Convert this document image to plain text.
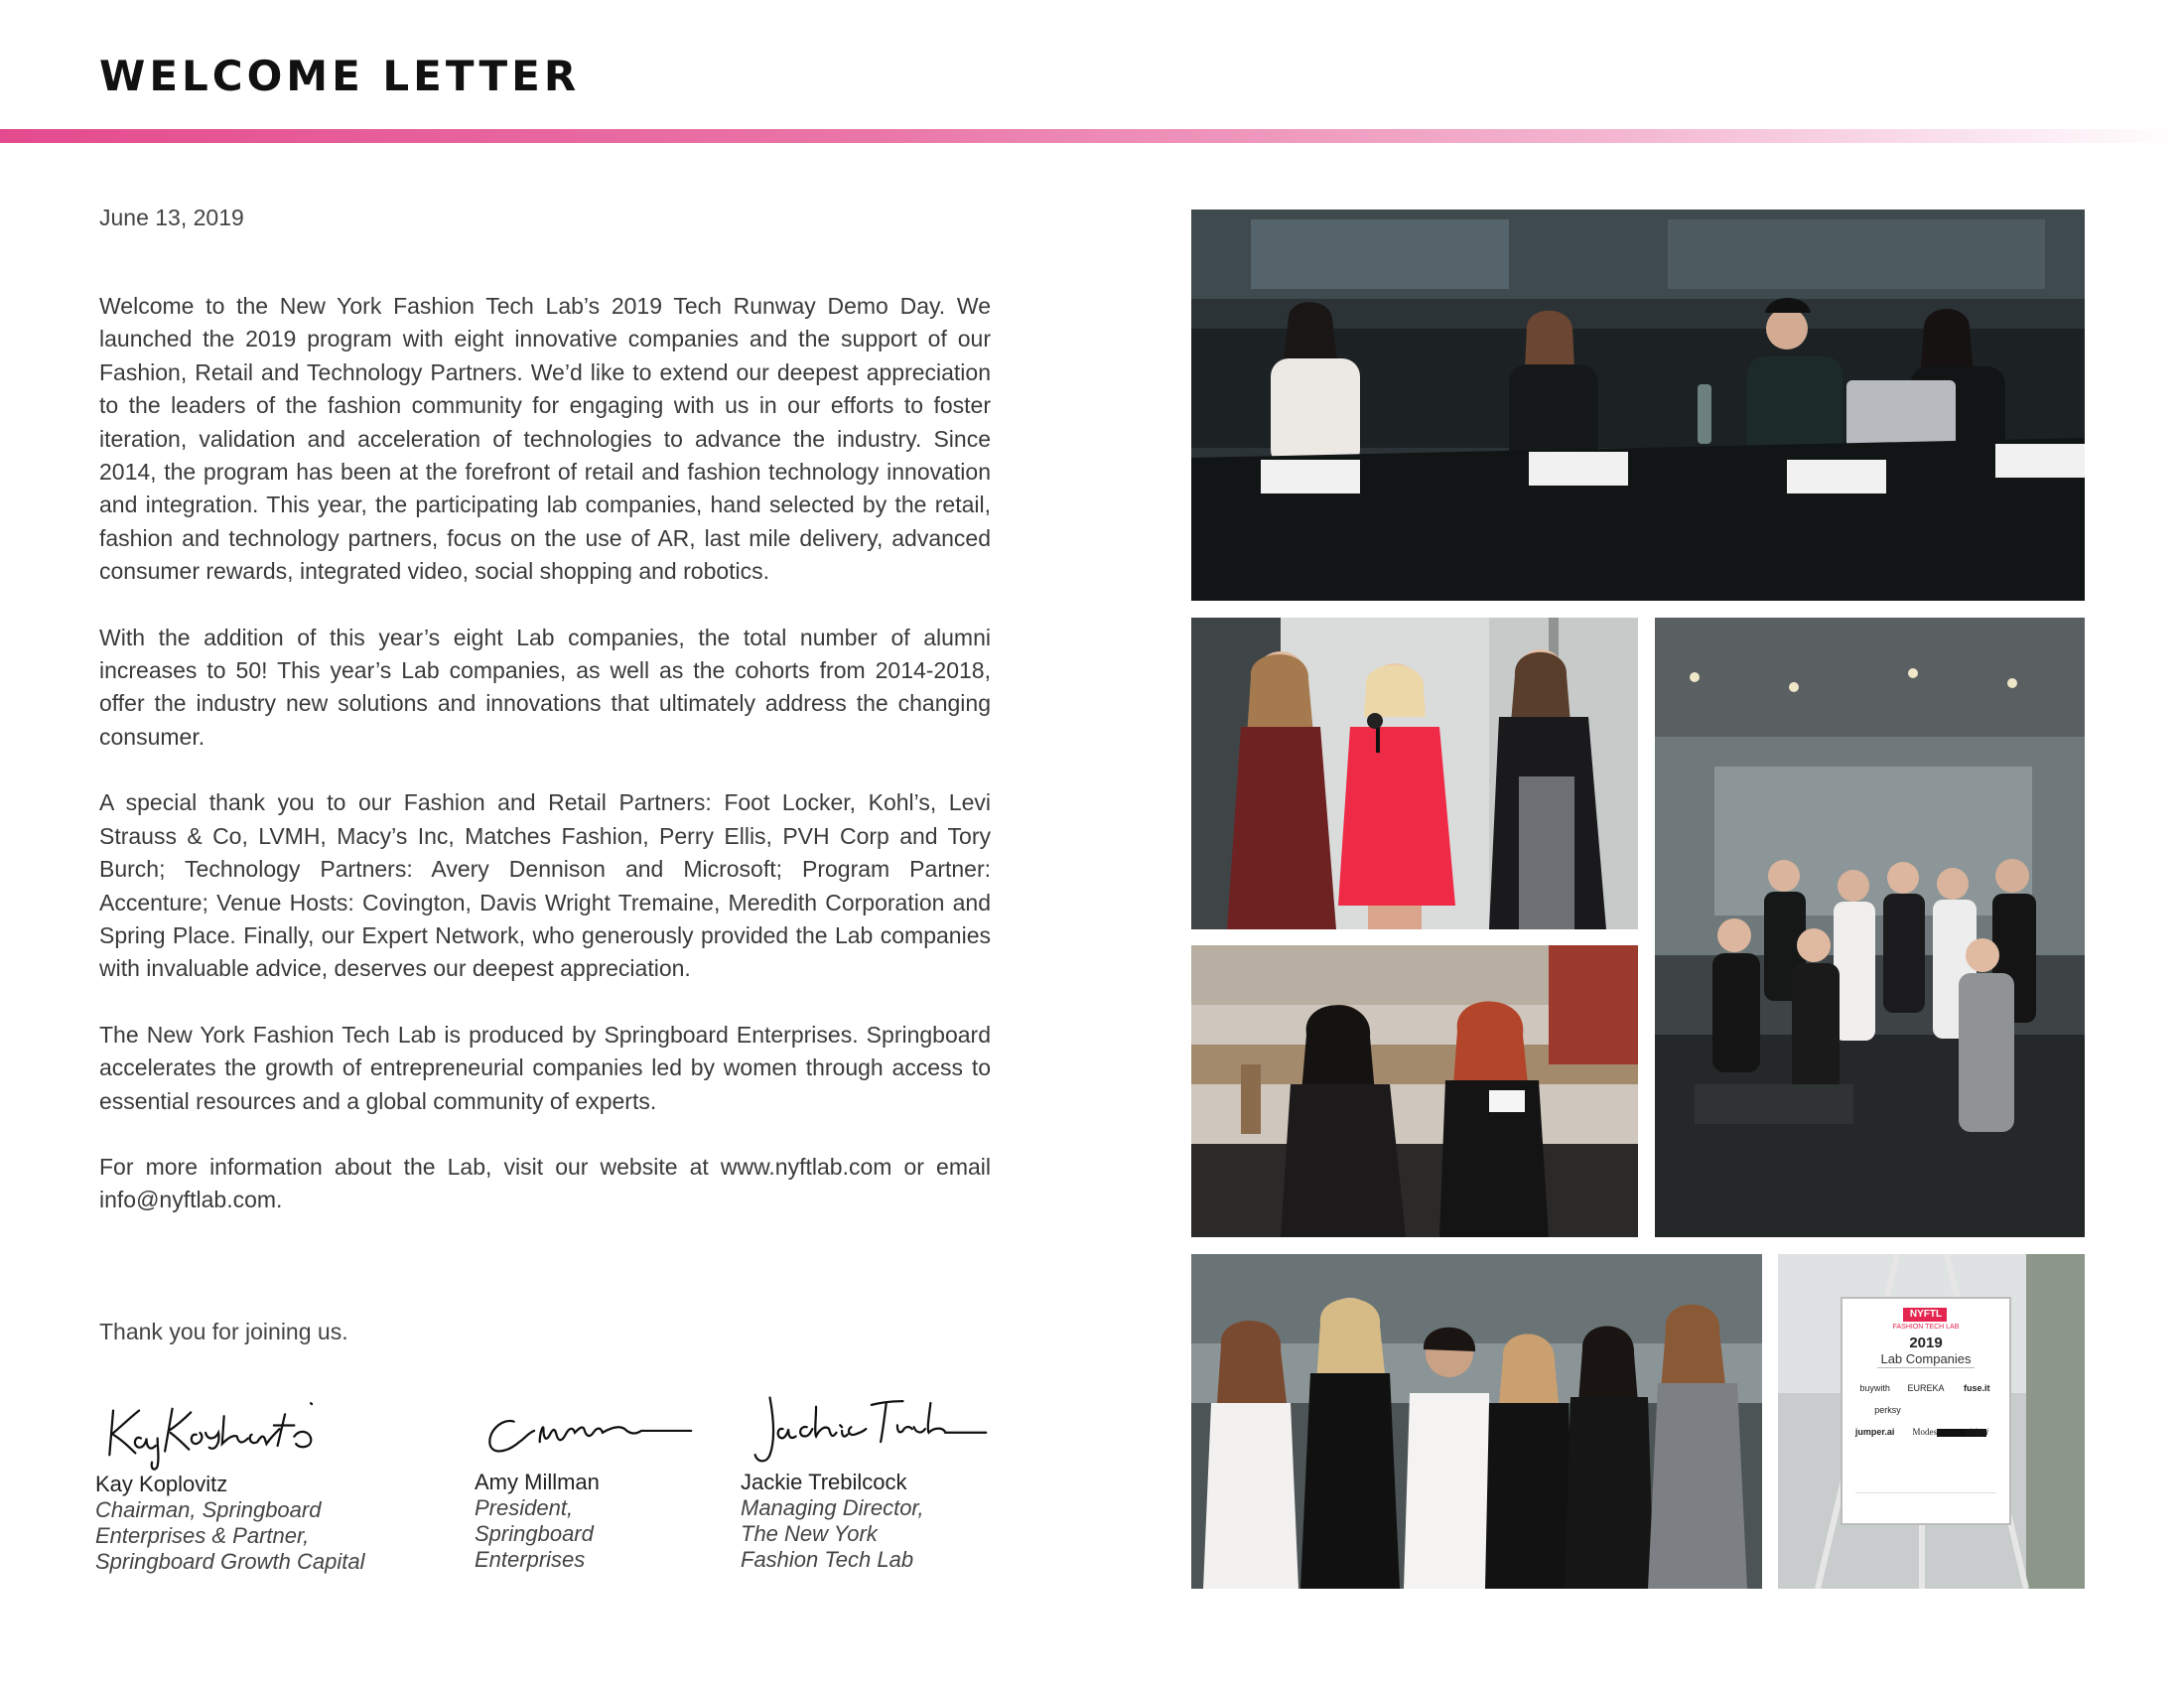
WELCOME LETTER
June 13, 2019

Welcome to the New York Fashion Tech Lab’s 2019 Tech Runway Demo Day. We launched the 2019 program with eight innovative companies and the support of our Fashion, Retail and Technology Partners. We’d like to extend our deepest appreciation to the leaders of the fashion community for engaging with us in our efforts to foster iteration, validation and acceleration of technologies to advance the industry. Since 2014, the program has been at the forefront of retail and fashion technology innovation and integration. This year, the participating lab companies, hand selected by the retail, fashion and technology partners, focus on the use of AR, last mile delivery, advanced consumer rewards, integrated video, social shopping and robotics.

With the addition of this year’s eight Lab companies, the total number of alumni increases to 50! This year’s Lab companies, as well as the cohorts from 2014-2018, offer the industry new solutions and innovations that ultimately address the changing consumer.

A special thank you to our Fashion and Retail Partners: Foot Locker, Kohl’s, Levi Strauss & Co, LVMH, Macy’s Inc, Matches Fashion, Perry Ellis, PVH Corp and Tory Burch; Technology Partners: Avery Dennison and Microsoft; Program Partner: Accenture; Venue Hosts: Covington, Davis Wright Tremaine, Meredith Corporation and Spring Place. Finally, our Expert Network, who generously provided the Lab companies with invaluable advice, deserves our deepest appreciation.

The New York Fashion Tech Lab is produced by Springboard Enterprises. Springboard accelerates the growth of entrepreneurial companies led by women through access to essential resources and a global community of experts.

For more information about the Lab, visit our website at www.nyftlab.com or email info@nyftlab.com.

Thank you for joining us.
Kay Koplovitz
Chairman, Springboard
Enterprises & Partner,
Springboard Growth Capital
Amy Millman
President,
Springboard
Enterprises
Jackie Trebilcock
Managing Director,
The New York
Fashion Tech Lab
NYFTL
FASHION TECH LAB
2019
Lab Companies
buywith	EUREKA	fuse.it
perksy	THE CALL LIST
jumper.ai	Modest	shipsi
